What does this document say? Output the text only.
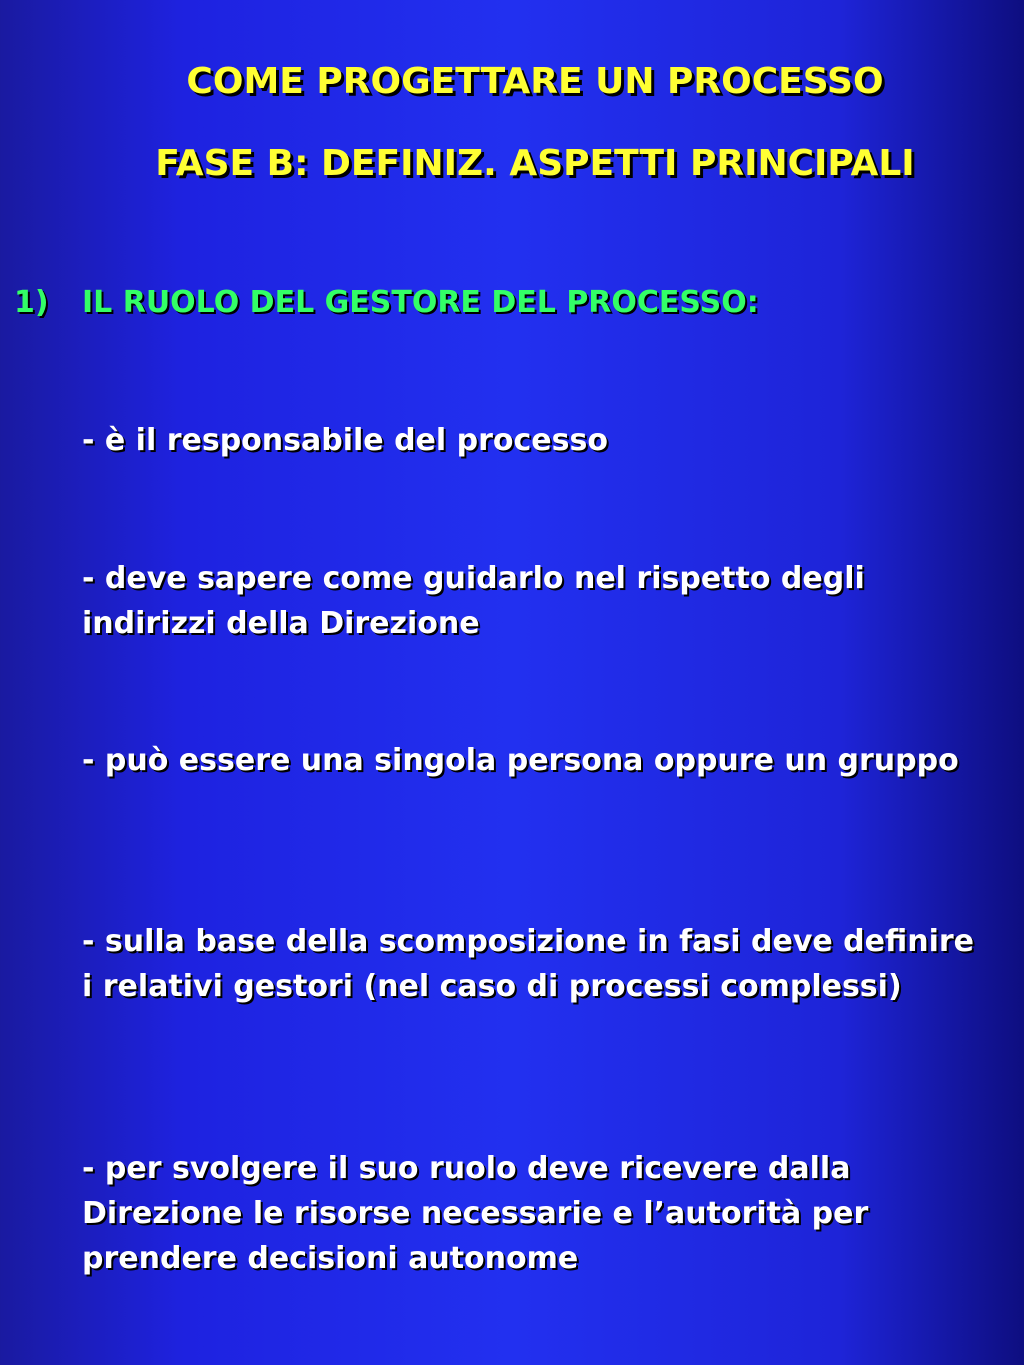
COME PROGETTARE UN PROCESSO
FASE B: DEFINIZ. ASPETTI PRINCIPALI
1) IL RUOLO DEL GESTORE DEL PROCESSO:
- è il responsabile del processo
- deve sapere come guidarlo nel rispetto degli indirizzi della Direzione
- può essere una singola persona oppure un gruppo
- sulla base della scomposizione in fasi deve definire i relativi gestori (nel caso di processi complessi)
- per svolgere il suo ruolo deve ricevere dalla Direzione le risorse necessarie e l’autorità per prendere decisioni autonome
